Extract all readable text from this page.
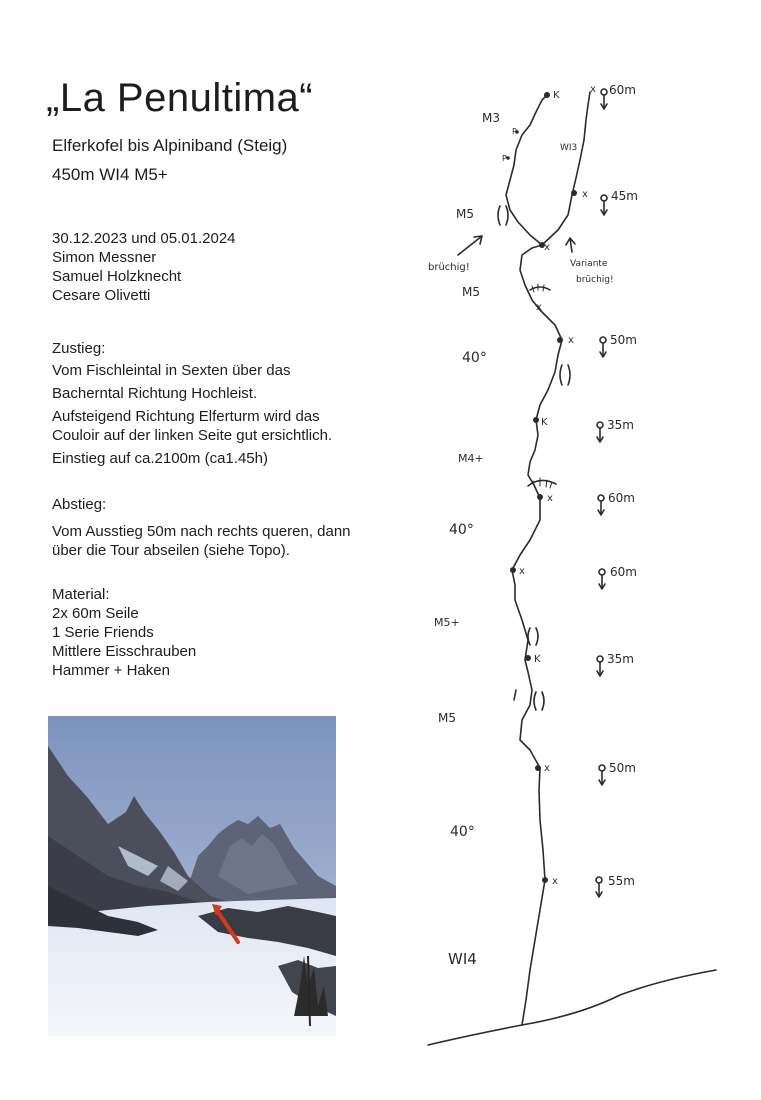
„La Penultima“
Elferkofel bis Alpiniband (Steig)
450m WI4 M5+
30.12.2023 und 05.01.2024
Simon Messner
Samuel Holzknecht
Cesare Olivetti
Zustieg:
Vom Fischleintal in Sexten über das
Bacherntal Richtung Hochleist.
Aufsteigend Richtung Elferturm wird das
Couloir auf der linken Seite gut ersichtlich.
Einstieg auf ca.2100m (ca1.45h)
Abstieg:
Vom Ausstieg 50m nach rechts queren, dann
über die Tour abseilen (siehe Topo).
Material:
2x 60m Seile
1 Serie Friends
Mittlere Eisschrauben
Hammer + Haken
K
x
x
x
x
x
K
x
x
K
x
x
P
P
60m
45m
50m
35m
60m
60m
35m
50m
55m
M3
WI3
M5
M5
40°
M4+
40°
M5+
M5
40°
WI4
brüchig!	Variante
brüchig!
